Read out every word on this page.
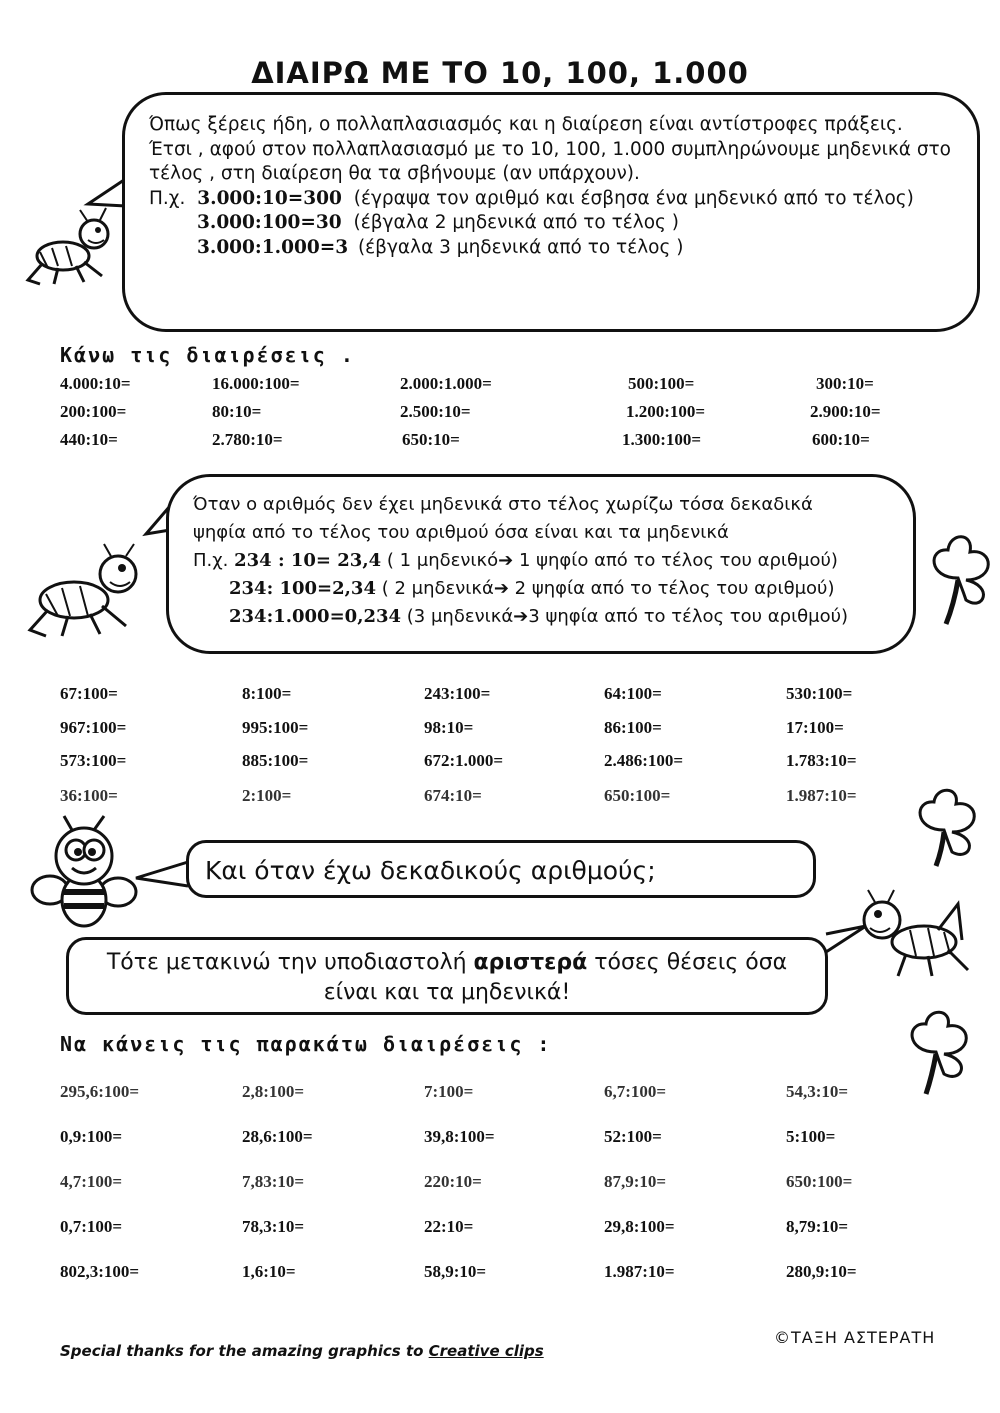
ΔΙΑΙΡΩ ΜΕ ΤΟ 10, 100, 1.000
Όπως ξέρεις ήδη, ο πολλαπλασιασμός και η διαίρεση είναι αντίστροφες πράξεις. Έτσι , αφού στον πολλαπλασιασμό με το 10, 100, 1.000 συμπληρώνουμε μηδενικά στο τέλος , στη διαίρεση θα τα σβήνουμε (αν υπάρχουν).
Π.χ. 3.000:10=300 (έγραψα τον αριθμό και έσβησα ένα μηδενικό από το τέλος)
3.000:100=30 (έβγαλα 2 μηδενικά από το τέλος )
3.000:1.000=3 (έβγαλα 3 μηδενικά από το τέλος )
Κάνω τις διαιρέσεις .
4.000:10=	16.000:100=	2.000:1.000=	500:100=	300:10=
200:100=	80:10=	2.500:10=	1.200:100=	2.900:10=
440:10=	2.780:10=	650:10=	1.300:100=	600:10=
Όταν ο αριθμός δεν έχει μηδενικά στο τέλος χωρίζω τόσα δεκαδικά ψηφία από το τέλος του αριθμού όσα είναι και τα μηδενικά
Π.χ. 234 : 10= 23,4 ( 1 μηδενικό➔ 1 ψηφίο από το τέλος του αριθμού)
234: 100=2,34 ( 2 μηδενικά➔ 2 ψηφία από το τέλος του αριθμού)
234:1.000=0,234 (3 μηδενικά➔3 ψηφία από το τέλος του αριθμού)
67:100=	8:100=	243:100=	64:100=	530:100=
967:100=	995:100=	98:10=	86:100=	17:100=
573:100=	885:100=	672:1.000=	2.486:100=	1.783:10=
36:100=	2:100=	674:10=	650:100=	1.987:10=
Και όταν έχω δεκαδικούς αριθμούς;
Τότε μετακινώ την υποδιαστολή αριστερά τόσες θέσεις όσα είναι και τα μηδενικά!
Να κάνεις τις παρακάτω διαιρέσεις :
295,6:100=	2,8:100=	7:100=	6,7:100=	54,3:10=
0,9:100=	28,6:100=	39,8:100=	52:100=	5:100=
4,7:100=	7,83:10=	220:10=	87,9:10=	650:100=
0,7:100=	78,3:10=	22:10=	29,8:100=	8,79:10=
802,3:100=	1,6:10=	58,9:10=	1.987:10=	280,9:10=
Special thanks for the amazing graphics to Creative clips
©ΤΑΞΗ ΑΣΤΕΡΑΤΗ
